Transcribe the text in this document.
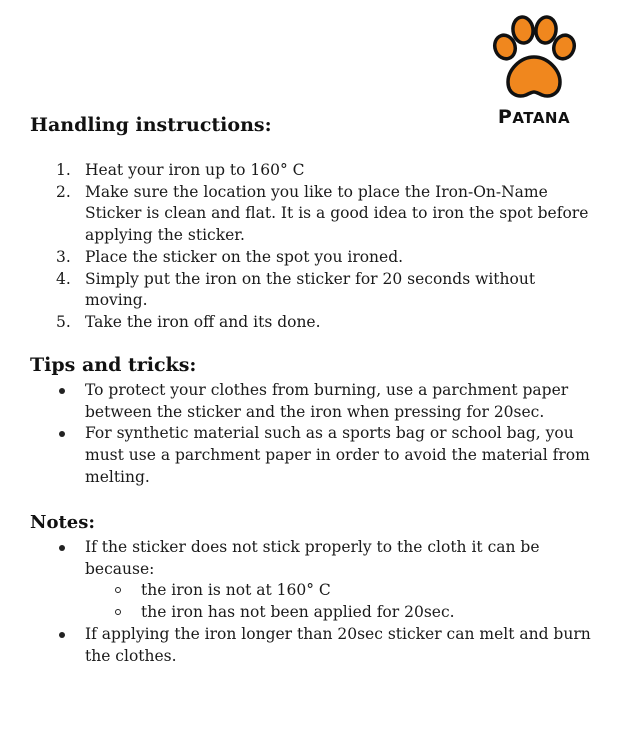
PATANA
Handling instructions:
1. Heat your iron up to 160° C
2. Make sure the location you like to place the Iron-On-Name Sticker is clean and flat. It is a good idea to iron the spot before applying the sticker.
3. Place the sticker on the spot you ironed.
4. Simply put the iron on the sticker for 20 seconds without moving.
5. Take the iron off and its done.
Tips and tricks:
To protect your clothes from burning, use a parchment paper between the sticker and the iron when pressing for 20sec.
For synthetic material such as a sports bag or school bag, you must use a parchment paper in order to avoid the material from melting.
Notes:
If the sticker does not stick properly to the cloth it can be because:
the iron is not at 160° C
the iron has not been applied for 20sec.
If applying the iron longer than 20sec sticker can melt and burn the clothes.
